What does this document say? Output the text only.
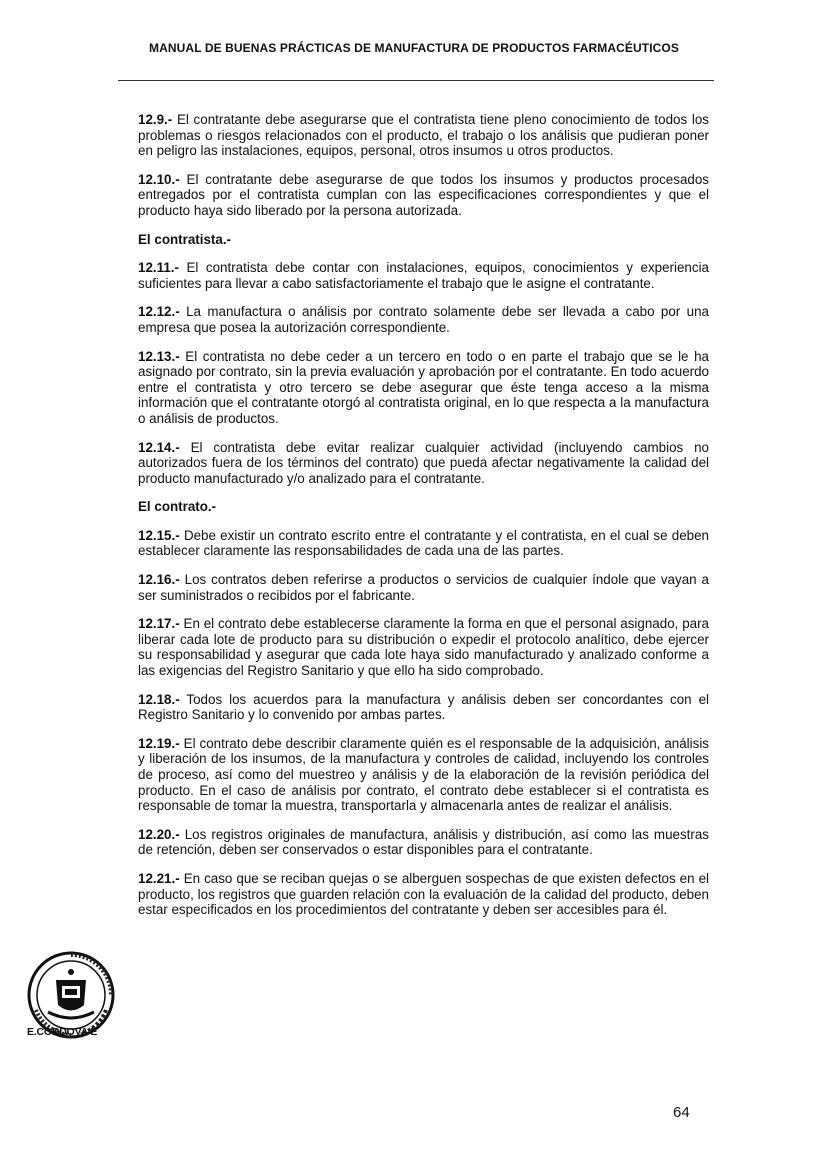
MANUAL DE BUENAS PRÁCTICAS DE MANUFACTURA DE PRODUCTOS FARMACÉUTICOS

12.9.- El contratante debe asegurarse que el contratista tiene pleno conocimiento de todos los problemas o riesgos relacionados con el producto, el trabajo o los análisis que pudieran poner en peligro las instalaciones, equipos, personal, otros insumos u otros productos.

12.10.- El contratante debe asegurarse de que todos los insumos y productos procesados entregados por el contratista cumplan con las especificaciones correspondientes y que el producto haya sido liberado por la persona autorizada.

El contratista.-

12.11.- El contratista debe contar con instalaciones, equipos, conocimientos y experiencia suficientes para llevar a cabo satisfactoriamente el trabajo que le asigne el contratante.

12.12.- La manufactura o análisis por contrato solamente debe ser llevada a cabo por una empresa que posea la autorización correspondiente.

12.13.- El contratista no debe ceder a un tercero en todo o en parte el trabajo que se le ha asignado por contrato, sin la previa evaluación y aprobación por el contratante. En todo acuerdo entre el contratista y otro tercero se debe asegurar que éste tenga acceso a la misma información que el contratante otorgó al contratista original, en lo que respecta a la manufactura o análisis de productos.

12.14.- El contratista debe evitar realizar cualquier actividad (incluyendo cambios no autorizados fuera de los términos del contrato) que pueda afectar negativamente la calidad del producto manufacturado y/o analizado para el contratante.

El contrato.-

12.15.- Debe existir un contrato escrito entre el contratante y el contratista, en el cual se deben establecer claramente las responsabilidades de cada una de las partes.

12.16.- Los contratos deben referirse a productos o servicios de cualquier índole que vayan a ser suministrados o recibidos por el fabricante.

12.17.- En el contrato debe establecerse claramente la forma en que el personal asignado, para liberar cada lote de producto para su distribución o expedir el protocolo analítico, debe ejercer su responsabilidad y asegurar que cada lote haya sido manufacturado y analizado conforme a las exigencias del Registro Sanitario y que ello ha sido comprobado.

12.18.- Todos los acuerdos para la manufactura y análisis deben ser concordantes con el Registro Sanitario y lo convenido por ambas partes.

12.19.- El contrato debe describir claramente quién es el responsable de la adquisición, análisis y liberación de los insumos, de la manufactura y controles de calidad, incluyendo los controles de proceso, así como del muestreo y análisis y de la elaboración de la revisión periódica del producto. En el caso de análisis por contrato, el contrato debe establecer si el contratista es responsable de tomar la muestra, transportarla y almacenarla antes de realizar el análisis.

12.20.- Los registros originales de manufactura, análisis y distribución, así como las muestras de retención, deben ser conservados o estar disponibles para el contratante.

12.21.- En caso que se reciban quejas o se alberguen sospechas de que existen defectos en el producto, los registros que guarden relación con la evaluación de la calidad del producto, deben estar especificados en los procedimientos del contratante y deben ser accesibles para él.

E.CÓRDOVA E
64
